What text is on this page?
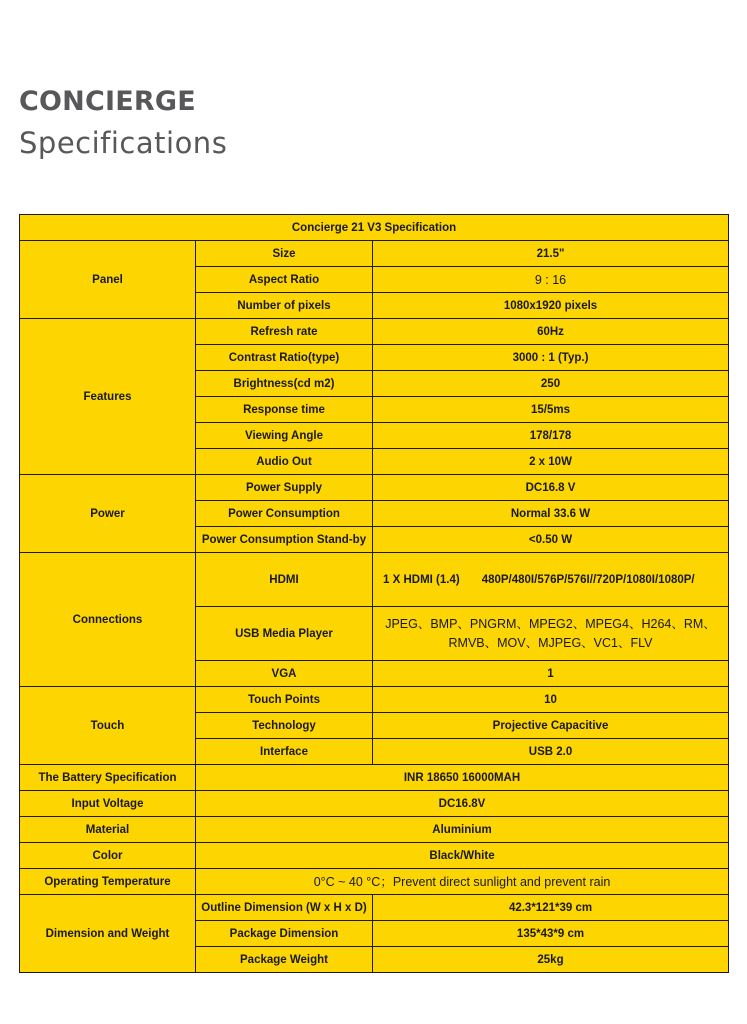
CONCIERGE
Specifications
Concierge 21 V3 Specification		
Panel	Size	21.5"
	Aspect Ratio	9 : 16
	Number of pixels	1080x1920 pixels
Features	Refresh rate	60Hz
	Contrast Ratio(type)	3000 : 1 (Typ.)
	Brightness(cd m2)	250
	Response time	15/5ms
	Viewing Angle	178/178
	Audio Out	2 x 10W
Power	Power Supply	DC16.8 V
	Power Consumption	Normal 33.6 W
	Power Consumption Stand-by	<0.50 W
Connections	HDMI	1 X HDMI (1.4) 480P/480I/576P/576I//720P/1080I/1080P/
	USB Media Player	JPEG、BMP、PNGRM、MPEG2、MPEG4、H264、RM、
RMVB、MOV、MJPEG、VC1、FLV

	VGA	1
Touch	Touch Points	10
	Technology	Projective Capacitive
	Interface	USB 2.0
The Battery Specification	INR 18650 16000MAH	
Input Voltage	DC16.8V	
Material	Aluminium	
Color	Black/White	
Operating Temperature	0°C ~ 40 °C；Prevent direct sunlight and prevent rain	
Dimension and Weight	Outline Dimension (W x H x D)	42.3*121*39 cm
	Package Dimension	135*43*9 cm
	Package Weight	25kg
